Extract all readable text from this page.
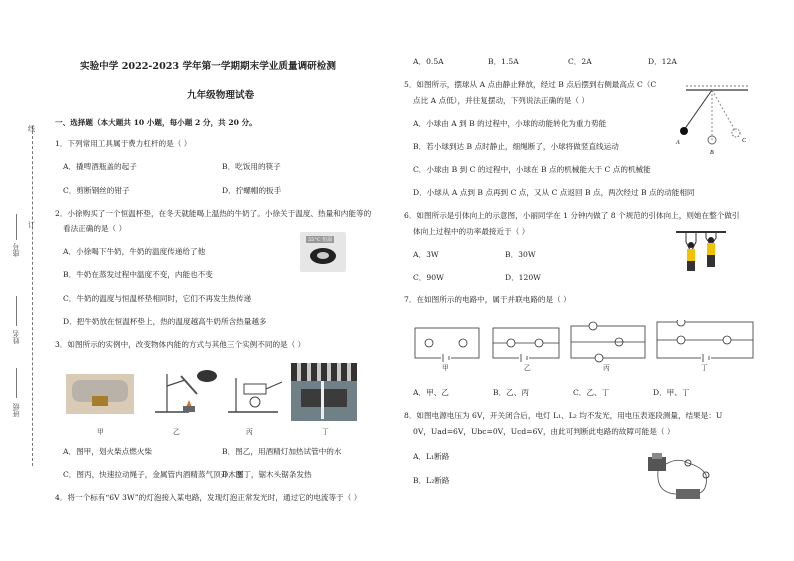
实验中学 2022-2023 学年第一学期期末学业质量调研检测
九年级物理试卷
线
订
座号
姓名
班级
一、选择题（本大题共 10 小题，每小题 2 分，共 20 分。
1．下列常用工具属于费力杠杆的是（ ）
A．撬啤酒瓶盖的起子	B．吃饭用的筷子
C．剪断钢丝的钳子	D．拧螺帽的扳手
2．小徐购买了一个恒温杯垫，在冬天就能喝上温热的牛奶了。小徐关于温度、热量和内能等的
看法正确的是（ ）
A．小徐喝下牛奶，牛奶的温度传递给了他
B．牛奶在蒸发过程中温度不变，内能也不变
C．牛奶的温度与恒温杯垫相同时，它们不再发生热传递
D．把牛奶放在恒温杯垫上，热的温度越高牛奶所含热量越多
55°C 恒温
3．如图所示的实例中，改变物体内能的方式与其他三个实例不同的是（ ）
甲	乙	丙	丁
A．图甲，划火柴点燃火柴	B．图乙，用酒精灯加热试管中的水
C．图丙，快速拉动绳子，金属管内酒精蒸气顶开木塞
D．图丁，锯木头锯条发热
4．将一个标有“6V 3W”的灯泡接入某电路，发现灯泡正常发光时，通过它的电流等于（ ）
A．0.5A	B．1.5A	C．2A	D．12A
5．如图所示，摆球从 A 点由静止释放，经过 B 点后摆到右侧最高点 C（C
点比 A 点低），并往复摆动，下列说法正确的是（ ）
A．小球由 A 到 B 的过程中，小球的动能转化为重力势能
B．若小球到达 B 点时静止，细绳断了，小球将做竖直线运动
C．小球由 B 到 C 的过程中，小球在 B 点的机械能大于 C 点的机械能
D．小球从 A 点到 B 点再到 C 点，又从 C 点返回 B 点，两次经过 B 点的动能相同
A
B
C
6．如图所示是引体向上的示意图，小丽同学在 1 分钟内做了 8 个规范的引体向上，则她在整个做引
体向上过程中的功率最接近于（ ）
A．3W	B．30W
C．90W	D．120W
7．在如图所示的电路中，属于并联电路的是（ ）
甲	乙	丙	丁
A．甲、乙	B．乙、丙	C．乙、丁	D．甲、丁
8．如图电源电压为 6V，开关闭合后，电灯 L₁、L₂ 均不发光，用电压表逐段测量，结果是：U
0V，Uad=6V，Ubc=0V，Ucd=6V，由此可判断此电路的故障可能是（ ）
A．L₁断路
B．L₂断路
